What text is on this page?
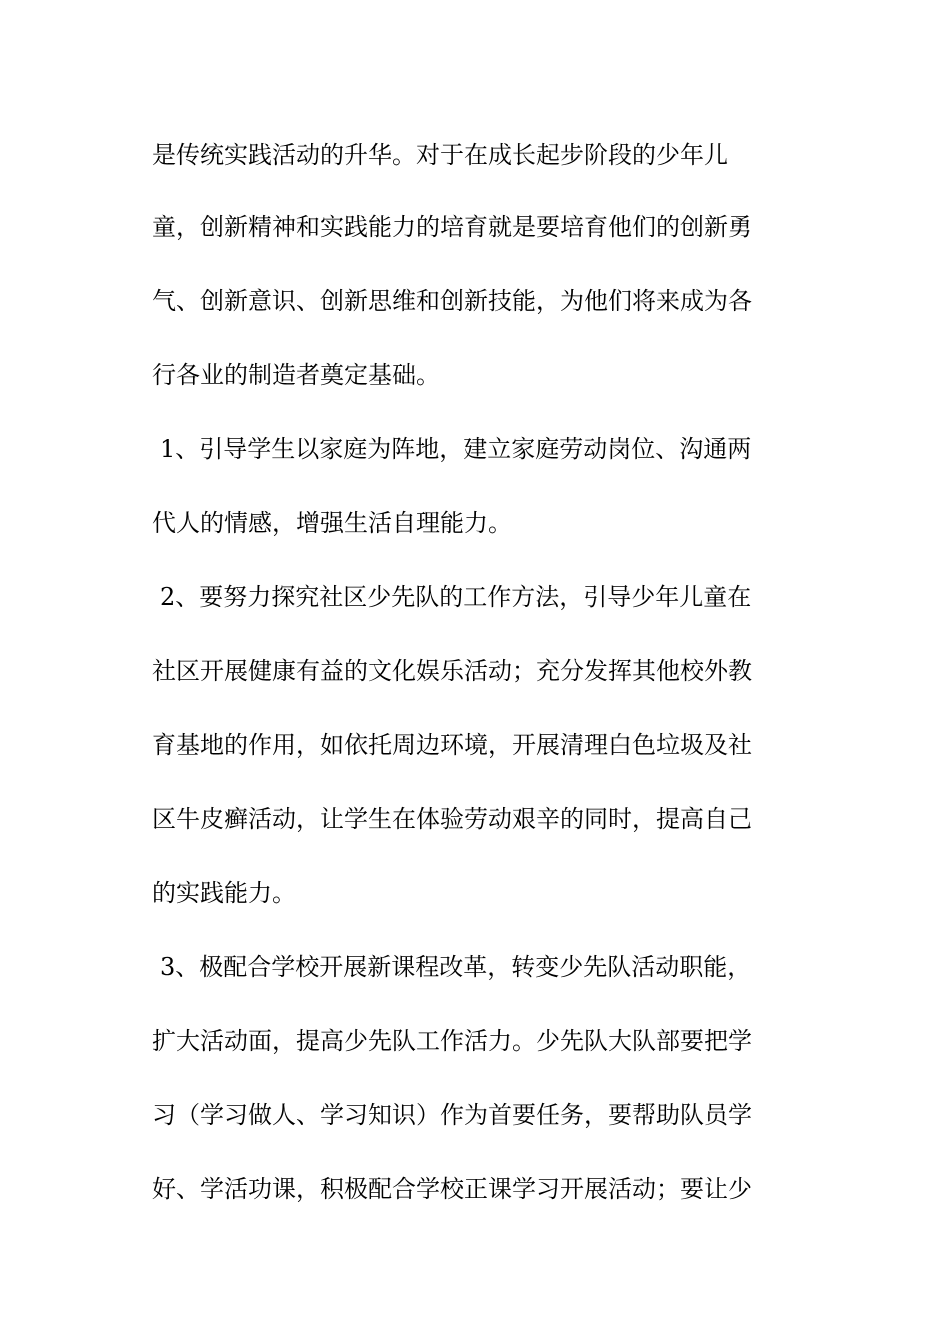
是传统实践活动的升华。对于在成长起步阶段的少年儿
童，创新精神和实践能力的培育就是要培育他们的创新勇
气、创新意识、创新思维和创新技能，为他们将来成为各
行各业的制造者奠定基础。
1、引导学生以家庭为阵地，建立家庭劳动岗位、沟通两
代人的情感，增强生活自理能力。
2、要努力探究社区少先队的工作方法，引导少年儿童在
社区开展健康有益的文化娱乐活动；充分发挥其他校外教
育基地的作用，如依托周边环境，开展清理白色垃圾及社
区牛皮癣活动，让学生在体验劳动艰辛的同时，提高自己
的实践能力。
3、极配合学校开展新课程改革，转变少先队活动职能，
扩大活动面，提高少先队工作活力。少先队大队部要把学
习（学习做人、学习知识）作为首要任务，要帮助队员学
好、学活功课，积极配合学校正课学习开展活动；要让少
